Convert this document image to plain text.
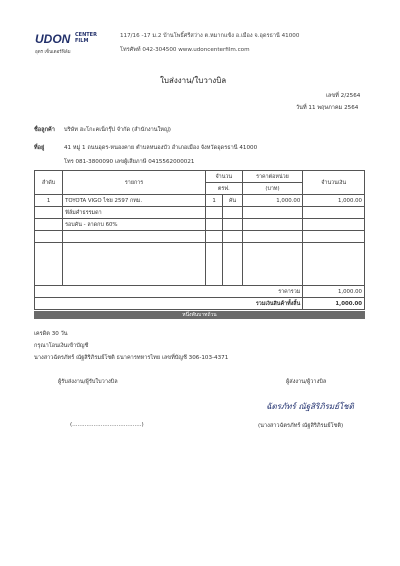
UDON CENTER FILM
อุดร เซ็นเตอร์ฟิล์ม
117/16 -17 ม.2 บ้านโพธิ์ศรีสว่าง ต.หมากแข้ง อ.เมือง จ.อุดรธานี 41000
โทรศัพท์ 042-304500 www.udoncenterfilm.com
ใบส่งงาน/ใบวางบิล
เลขที่ 2/2564
วันที่ 11 พฤษภาคม 2564
ชื่อลูกค้า บริษัท ฮะโกะคเน็กรุ๊ป จำกัด (สำนักงานใหญ่)
ที่อยู่	41 หมู่ 1 ถนนอุดร-หนองคาย ตำบลหนองบัว อำเภอเมือง จังหวัดอุดรธานี 41000
โทร 081-3800090 เลขผู้เสียภาษี 0415562000021
ลำดับ	รายการ	จำนวน		ราคาต่อหน่วย	จำนวนเงิน
		ตรฟ.		(บาท)	
1	TOYOTA VIGO ไชย 2597 กทม.	1	คัน	1,000.00	1,000.00
	ฟิล์มคำธรรมดา				
	รอบคัน - ลาดกบ 60%				

ราคารวม					1,000.00
รวมเงินสินค้าทั้งสิ้น					1,000.00
หนึ่งพันบาทถ้วน
เครดิต 30 วัน
กรุณาโอนเงินเข้าบัญชี
นางสาวฉัตรภัทร์ ณัฐสิริภิรมย์โชติ ธนาคารทหารไทย เลขที่บัญชี 306-103-4371
ผู้รับส่งงาน/ผู้รับใบวางบิล	ผู้ส่งงาน/ผู้วางบิล
ฉัตรภัทร์ ณัฐสิริภิรมย์โชติ
(.......................................)	(นางสาวฉัตรภัทร์ ณัฐสิริภิรมย์โชติ)
